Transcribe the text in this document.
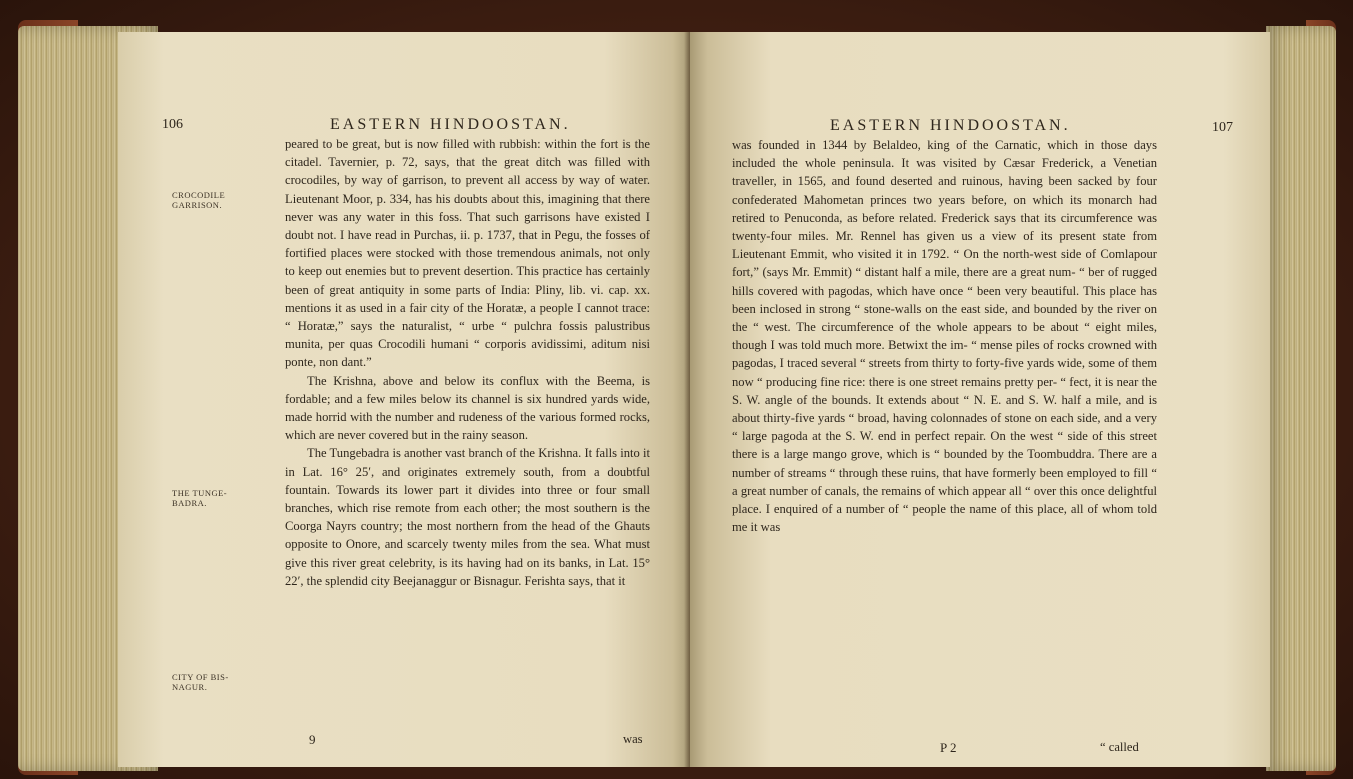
106	EASTERN HINDOOSTAN.
CROCODILE GARRISON.
THE TUNGE-BADRA.
CITY OF BIS-NAGUR.

peared to be great, but is now filled with rubbish: within the fort is the citadel. Tavernier, p. 72, says, that the great ditch was filled with crocodiles, by way of garrison, to prevent all access by way of water. Lieutenant Moor, p. 334, has his doubts about this, imagining that there never was any water in this foss. That such garrisons have existed I doubt not. I have read in Purchas, ii. p. 1737, that in Pegu, the fosses of fortified places were stocked with those tremendous animals, not only to keep out enemies but to prevent desertion. This practice has certainly been of great antiquity in some parts of India: Pliny, lib. vi. cap. xx. mentions it as used in a fair city of the Horatæ, a people I cannot trace: “ Horatæ,” says the naturalist, “ urbe “ pulchra fossis palustribus munita, per quas Crocodili humani “ corporis avidissimi, aditum nisi ponte, non dant.”

The Krishna, above and below its conflux with the Beema, is fordable; and a few miles below its channel is six hundred yards wide, made horrid with the number and rudeness of the various formed rocks, which are never covered but in the rainy season.

The Tungebadra is another vast branch of the Krishna. It falls into it in Lat. 16° 25′, and originates extremely south, from a doubtful fountain. Towards its lower part it divides into three or four small branches, which rise remote from each other; the most southern is the Coorga Nayrs country; the most northern from the head of the Ghauts opposite to Onore, and scarcely twenty miles from the sea. What must give this river great celebrity, is its having had on its banks, in Lat. 15° 22′, the splendid city Beejanaggur or Bisnagur. Ferishta says, that it

9	was
EASTERN HINDOOSTAN.	107

was founded in 1344 by Belaldeo, king of the Carnatic, which in those days included the whole peninsula. It was visited by Cæsar Frederick, a Venetian traveller, in 1565, and found deserted and ruinous, having been sacked by four confederated Mahometan princes two years before, on which its monarch had retired to Penuconda, as before related. Frederick says that its circumference was twenty-four miles. Mr. Rennel has given us a view of its present state from Lieutenant Emmit, who visited it in 1792. “ On the north-west side of Comlapour fort,” (says Mr. Emmit) “ distant half a mile, there are a great num- “ ber of rugged hills covered with pagodas, which have once “ been very beautiful. This place has been inclosed in strong “ stone-walls on the east side, and bounded by the river on the “ west. The circumference of the whole appears to be about “ eight miles, though I was told much more. Betwixt the im- “ mense piles of rocks crowned with pagodas, I traced several “ streets from thirty to forty-five yards wide, some of them now “ producing fine rice: there is one street remains pretty per- “ fect, it is near the S. W. angle of the bounds. It extends about “ N. E. and S. W. half a mile, and is about thirty-five yards “ broad, having colonnades of stone on each side, and a very “ large pagoda at the S. W. end in perfect repair. On the west “ side of this street there is a large mango grove, which is “ bounded by the Toombuddra. There are a number of streams “ through these ruins, that have formerly been employed to fill “ a great number of canals, the remains of which appear all “ over this once delightful place. I enquired of a number of “ people the name of this place, all of whom told me it was

P 2	“ called
